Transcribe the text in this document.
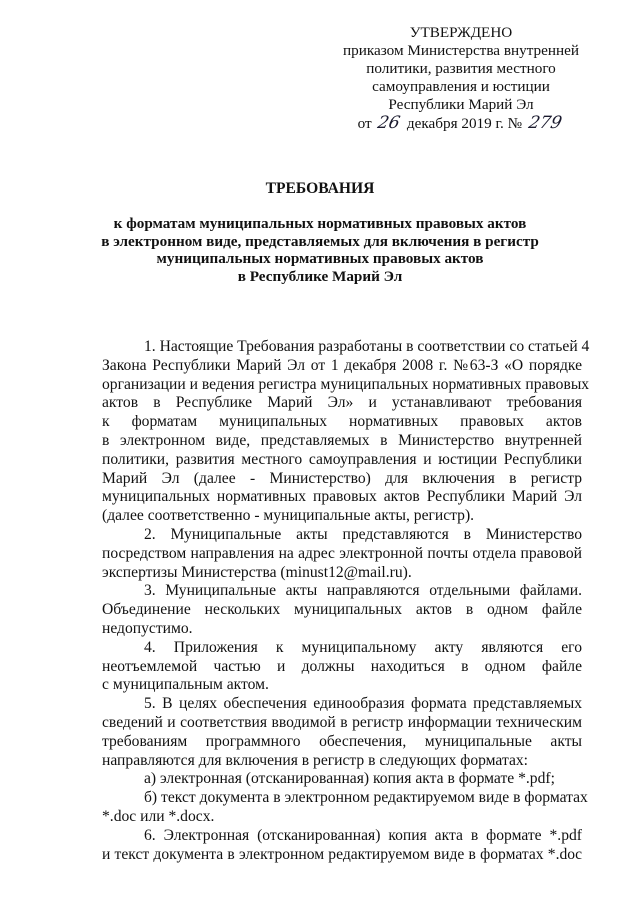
УТВЕРЖДЕНО
приказом Министерства внутренней
политики, развития местного
самоуправления и юстиции
Республики Марий Эл
от 26 декабря 2019 г. № 279
ТРЕБОВАНИЯ
к форматам муниципальных нормативных правовых актов
в электронном виде, представляемых для включения в регистр
муниципальных нормативных правовых актов
в Республике Марий Эл
1. Настоящие Требования разработаны в соответствии со статьей 4
Закона Республики Марий Эл от 1 декабря 2008 г. №63-З «О порядке
организации и ведения регистра муниципальных нормативных правовых
актов в Республике Марий Эл» и устанавливают требования
к форматам муниципальных нормативных правовых актов
в электронном виде, представляемых в Министерство внутренней
политики, развития местного самоуправления и юстиции Республики
Марий Эл (далее - Министерство) для включения в регистр
муниципальных нормативных правовых актов Республики Марий Эл
(далее соответственно - муниципальные акты, регистр).
2. Муниципальные акты представляются в Министерство
посредством направления на адрес электронной почты отдела правовой
экспертизы Министерства (minust12@mail.ru).
3. Муниципальные акты направляются отдельными файлами.
Объединение нескольких муниципальных актов в одном файле
недопустимо.
4. Приложения к муниципальному акту являются его
неотъемлемой частью и должны находиться в одном файле
с муниципальным актом.
5. В целях обеспечения единообразия формата представляемых
сведений и соответствия вводимой в регистр информации техническим
требованиям программного обеспечения, муниципальные акты
направляются для включения в регистр в следующих форматах:
а) электронная (отсканированная) копия акта в формате *.pdf;
б) текст документа в электронном редактируемом виде в форматах
*.doc или *.docx.
6. Электронная (отсканированная) копия акта в формате *.pdf
и текст документа в электронном редактируемом виде в форматах *.doc
